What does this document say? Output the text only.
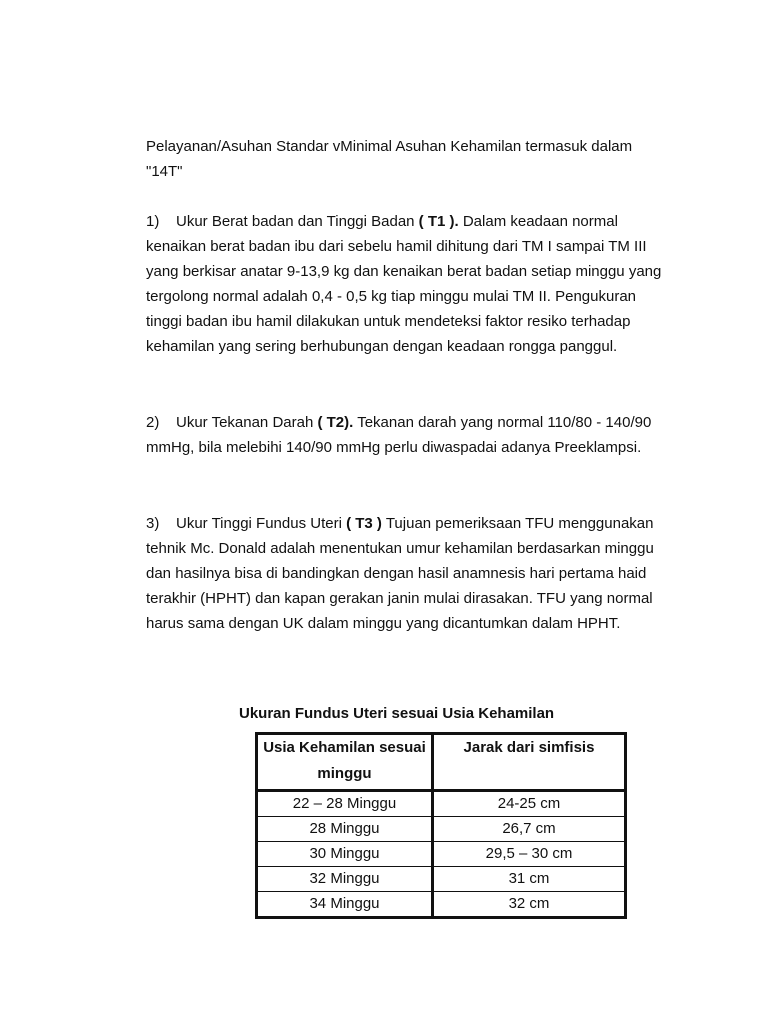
Pelayanan/Asuhan Standar vMinimal Asuhan Kehamilan termasuk dalam
"14T"

1) Ukur Berat badan dan Tinggi Badan ( T1 ). Dalam keadaan normal kenaikan berat badan ibu dari sebelu hamil dihitung dari TM I sampai TM III yang berkisar anatar 9-13,9 kg dan kenaikan berat badan setiap minggu yang tergolong normal adalah 0,4 - 0,5 kg tiap minggu mulai TM II. Pengukuran tinggi badan ibu hamil dilakukan untuk mendeteksi faktor resiko terhadap kehamilan yang sering berhubungan dengan keadaan rongga panggul.

2) Ukur Tekanan Darah ( T2). Tekanan darah yang normal 110/80 - 140/90 mmHg, bila melebihi 140/90 mmHg perlu diwaspadai adanya Preeklampsi.

3) Ukur Tinggi Fundus Uteri ( T3 ) Tujuan pemeriksaan TFU menggunakan tehnik Mc. Donald adalah menentukan umur kehamilan berdasarkan minggu dan hasilnya bisa di bandingkan dengan hasil anamnesis hari pertama haid terakhir (HPHT) dan kapan gerakan janin mulai dirasakan. TFU yang normal harus sama dengan UK dalam minggu yang dicantumkan dalam HPHT.

Ukuran Fundus Uteri sesuai Usia Kehamilan

Usia Kehamilan sesuai minggu	Jarak dari simfisis
22 – 28 Minggu	24-25 cm
28 Minggu	26,7 cm
30 Minggu	29,5 – 30 cm
32 Minggu	31 cm
34 Minggu	32 cm
